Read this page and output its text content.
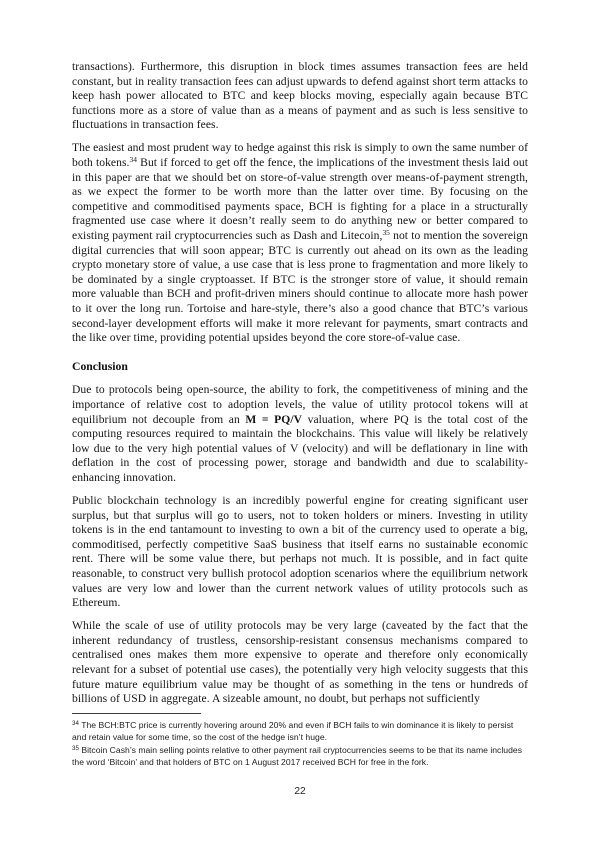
transactions). Furthermore, this disruption in block times assumes transaction fees are held constant, but in reality transaction fees can adjust upwards to defend against short term attacks to keep hash power allocated to BTC and keep blocks moving, especially again because BTC functions more as a store of value than as a means of payment and as such is less sensitive to fluctuations in transaction fees.

The easiest and most prudent way to hedge against this risk is simply to own the same number of both tokens.$^{34}$ But if forced to get off the fence, the implications of the investment thesis laid out in this paper are that we should bet on store-of-value strength over means-of-payment strength, as we expect the former to be worth more than the latter over time. By focusing on the competitive and commoditised payments space, BCH is fighting for a place in a structurally fragmented use case where it doesn’t really seem to do anything new or better compared to existing payment rail cryptocurrencies such as Dash and Litecoin,$^{35}$ not to mention the sovereign digital currencies that will soon appear; BTC is currently out ahead on its own as the leading crypto monetary store of value, a use case that is less prone to fragmentation and more likely to be dominated by a single cryptoasset. If BTC is the stronger store of value, it should remain more valuable than BCH and profit-driven miners should continue to allocate more hash power to it over the long run. Tortoise and hare-style, there’s also a good chance that BTC’s various second-layer development efforts will make it more relevant for payments, smart contracts and the like over time, providing potential upsides beyond the core store-of-value case.

Conclusion

Due to protocols being open-source, the ability to fork, the competitiveness of mining and the importance of relative cost to adoption levels, the value of utility protocol tokens will at equilibrium not decouple from an M = PQ/V valuation, where PQ is the total cost of the computing resources required to maintain the blockchains. This value will likely be relatively low due to the very high potential values of V (velocity) and will be deflationary in line with deflation in the cost of processing power, storage and bandwidth and due to scalability-enhancing innovation.

Public blockchain technology is an incredibly powerful engine for creating significant user surplus, but that surplus will go to users, not to token holders or miners. Investing in utility tokens is in the end tantamount to investing to own a bit of the currency used to operate a big, commoditised, perfectly competitive SaaS business that itself earns no sustainable economic rent. There will be some value there, but perhaps not much. It is possible, and in fact quite reasonable, to construct very bullish protocol adoption scenarios where the equilibrium network values are very low and lower than the current network values of utility protocols such as Ethereum.

While the scale of use of utility protocols may be very large (caveated by the fact that the inherent redundancy of trustless, censorship-resistant consensus mechanisms compared to centralised ones makes them more expensive to operate and therefore only economically relevant for a subset of potential use cases), the potentially very high velocity suggests that this future mature equilibrium value may be thought of as something in the tens or hundreds of billions of USD in aggregate. A sizeable amount, no doubt, but perhaps not sufficiently

$^{34}$ The BCH:BTC price is currently hovering around 20% and even if BCH fails to win dominance it is likely to persist and retain value for some time, so the cost of the hedge isn’t huge.

$^{35}$ Bitcoin Cash’s main selling points relative to other payment rail cryptocurrencies seems to be that its name includes the word ‘Bitcoin’ and that holders of BTC on 1 August 2017 received BCH for free in the fork.

22
